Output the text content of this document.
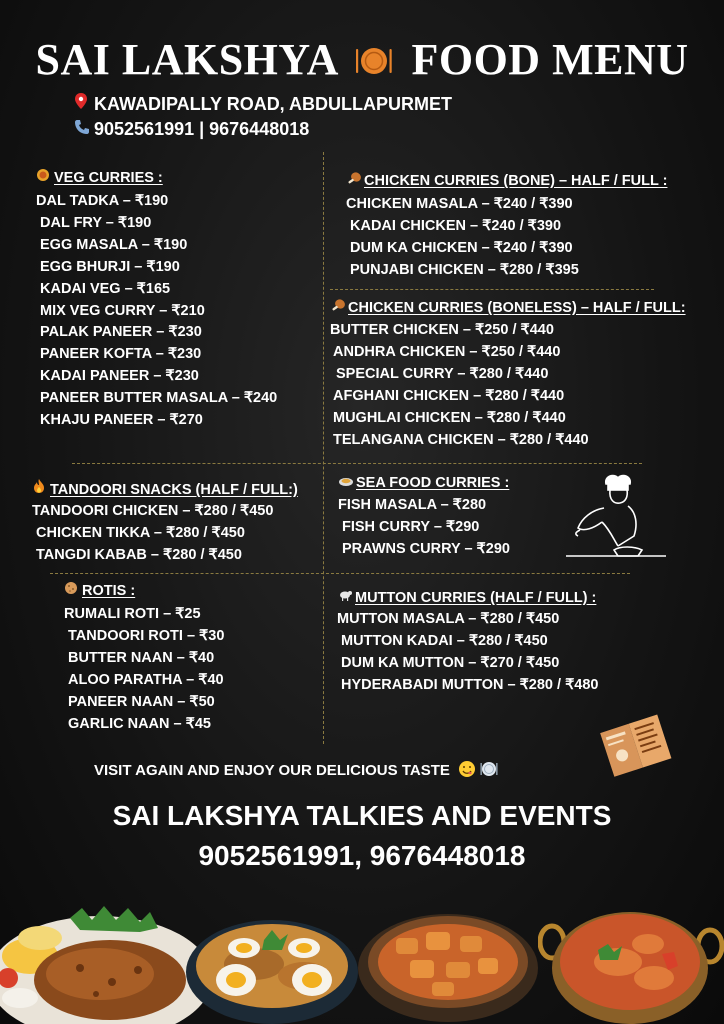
SAI LAKSHYA FOOD MENU
KAWADIPALLY ROAD, ABDULLAPURMET
9052561991 | 9676448018
VEG CURRIES :
DAL TADKA – ₹190
DAL FRY – ₹190
EGG MASALA – ₹190
EGG BHURJI – ₹190
KADAI VEG – ₹165
MIX VEG CURRY – ₹210
PALAK PANEER – ₹230
PANEER KOFTA – ₹230
KADAI PANEER – ₹230
PANEER BUTTER MASALA – ₹240
KHAJU PANEER – ₹270
CHICKEN CURRIES (BONE) – HALF / FULL :
CHICKEN MASALA – ₹240 / ₹390
KADAI CHICKEN – ₹240 / ₹390
DUM KA CHICKEN – ₹240 / ₹390
PUNJABI CHICKEN – ₹280 / ₹395
CHICKEN CURRIES (BONELESS) – HALF / FULL:
BUTTER CHICKEN – ₹250 / ₹440
ANDHRA CHICKEN – ₹250 / ₹440
SPECIAL CURRY – ₹280 / ₹440
AFGHANI CHICKEN – ₹280 / ₹440
MUGHLAI CHICKEN – ₹280 / ₹440
TELANGANA CHICKEN – ₹280 / ₹440
TANDOORI SNACKS (HALF / FULL:)
TANDOORI CHICKEN – ₹280 / ₹450
CHICKEN TIKKA – ₹280 / ₹450
TANGDI KABAB – ₹280 / ₹450
SEA FOOD CURRIES :
FISH MASALA – ₹280
FISH CURRY – ₹290
PRAWNS CURRY – ₹290
ROTIS :
RUMALI ROTI – ₹25
TANDOORI ROTI – ₹30
BUTTER NAAN – ₹40
ALOO PARATHA – ₹40
PANEER NAAN – ₹50
GARLIC NAAN – ₹45
MUTTON CURRIES (HALF / FULL) :
MUTTON MASALA – ₹280 / ₹450
MUTTON KADAI – ₹280 / ₹450
DUM KA MUTTON – ₹270 / ₹450
HYDERABADI MUTTON – ₹280 / ₹480
VISIT AGAIN AND ENJOY OUR DELICIOUS TASTE
SAI LAKSHYA TALKIES AND EVENTS
9052561991, 9676448018
